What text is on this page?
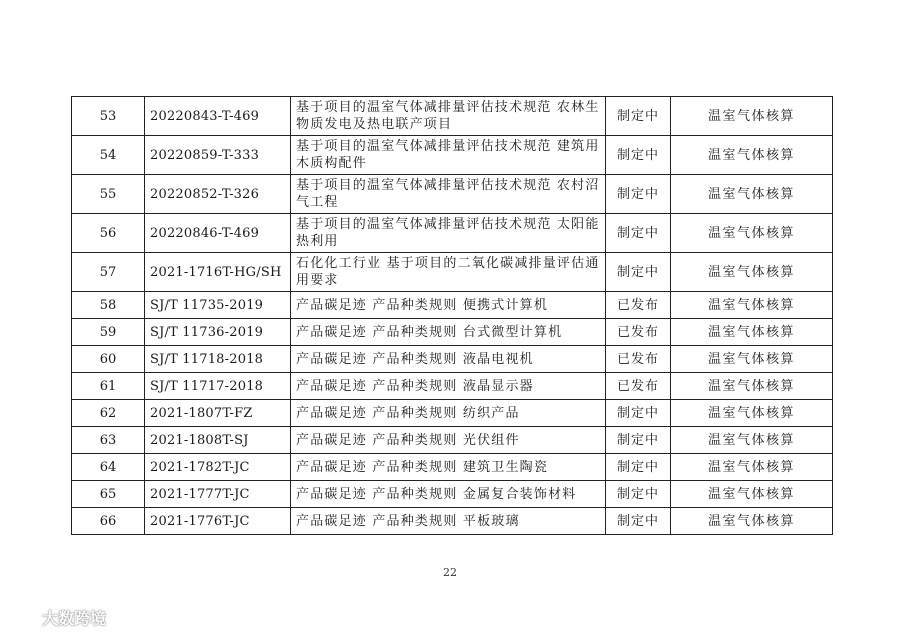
53	20220843-T-469	基于项目的温室气体减排量评估技术规范 农林生物质发电及热电联产项目	制定中	温室气体核算
54	20220859-T-333	基于项目的温室气体减排量评估技术规范 建筑用木质构配件	制定中	温室气体核算
55	20220852-T-326	基于项目的温室气体减排量评估技术规范 农村沼气工程	制定中	温室气体核算
56	20220846-T-469	基于项目的温室气体减排量评估技术规范 太阳能热利用	制定中	温室气体核算
57	2021-1716T-HG/SH	石化化工行业 基于项目的二氧化碳减排量评估通用要求	制定中	温室气体核算
58	SJ/T 11735-2019	产品碳足迹 产品种类规则 便携式计算机	已发布	温室气体核算
59	SJ/T 11736-2019	产品碳足迹 产品种类规则 台式微型计算机	已发布	温室气体核算
60	SJ/T 11718-2018	产品碳足迹 产品种类规则 液晶电视机	已发布	温室气体核算
61	SJ/T 11717-2018	产品碳足迹 产品种类规则 液晶显示器	已发布	温室气体核算
62	2021-1807T-FZ	产品碳足迹 产品种类规则 纺织产品	制定中	温室气体核算
63	2021-1808T-SJ	产品碳足迹 产品种类规则 光伏组件	制定中	温室气体核算
64	2021-1782T-JC	产品碳足迹 产品种类规则 建筑卫生陶瓷	制定中	温室气体核算
65	2021-1777T-JC	产品碳足迹 产品种类规则 金属复合装饰材料	制定中	温室气体核算
66	2021-1776T-JC	产品碳足迹 产品种类规则 平板玻璃	制定中	温室气体核算
22
大数跨境
